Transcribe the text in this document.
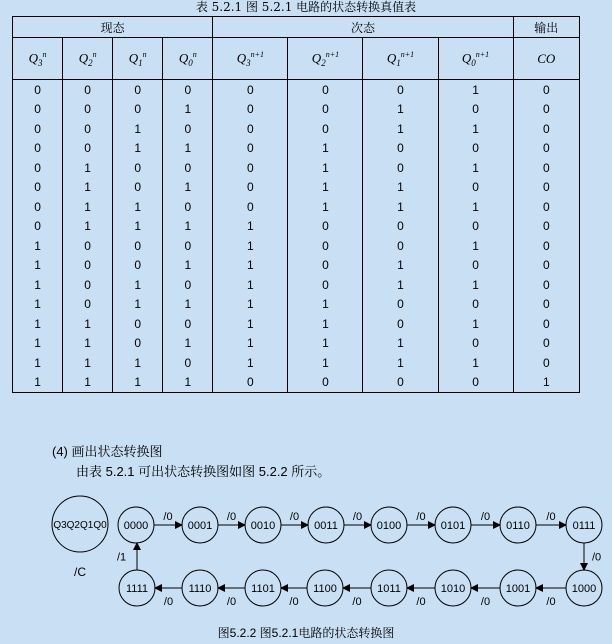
表 5.2.1 图 5.2.1 电路的状态转换真值表
现态				次态				输出
$Q_3^n$	$Q_2^n$	$Q_1^n$	$Q_0^n$	$Q_3^{n+1}$	$Q_2^{n+1}$	$Q_1^{n+1}$	$Q_0^{n+1}$	CO
0	0	0	0	0	0	0	1	0
0	0	0	1	0	0	1	0	0
0	0	1	0	0	0	1	1	0
0	0	1	1	0	1	0	0	0
0	1	0	0	0	1	0	1	0
0	1	0	1	0	1	1	0	0
0	1	1	0	0	1	1	1	0
0	1	1	1	1	0	0	0	0
1	0	0	0	1	0	0	1	0
1	0	0	1	1	0	1	0	0
1	0	1	0	1	0	1	1	0
1	0	1	1	1	1	0	0	0
1	1	0	0	1	1	0	1	0
1	1	0	1	1	1	1	0	0
1	1	1	0	1	1	1	1	0
1	1	1	1	0	0	0	0	1
(4) 画出状态转换图
由表 5.2.1 可出状态转换图如图 5.2.2 所示。
Q3Q2Q1Q0
/C
0000	0001	0010	0011	0100	0101	0110	0111
1111	1110	1101	1100	1011	1010	1001	1000
/0	/0	/0	/0	/0	/0	/0
/0
/0
/0
/0
/0
/0
/0
/0
/1
图5.2.2 图5.2.1电路的状态转换图
